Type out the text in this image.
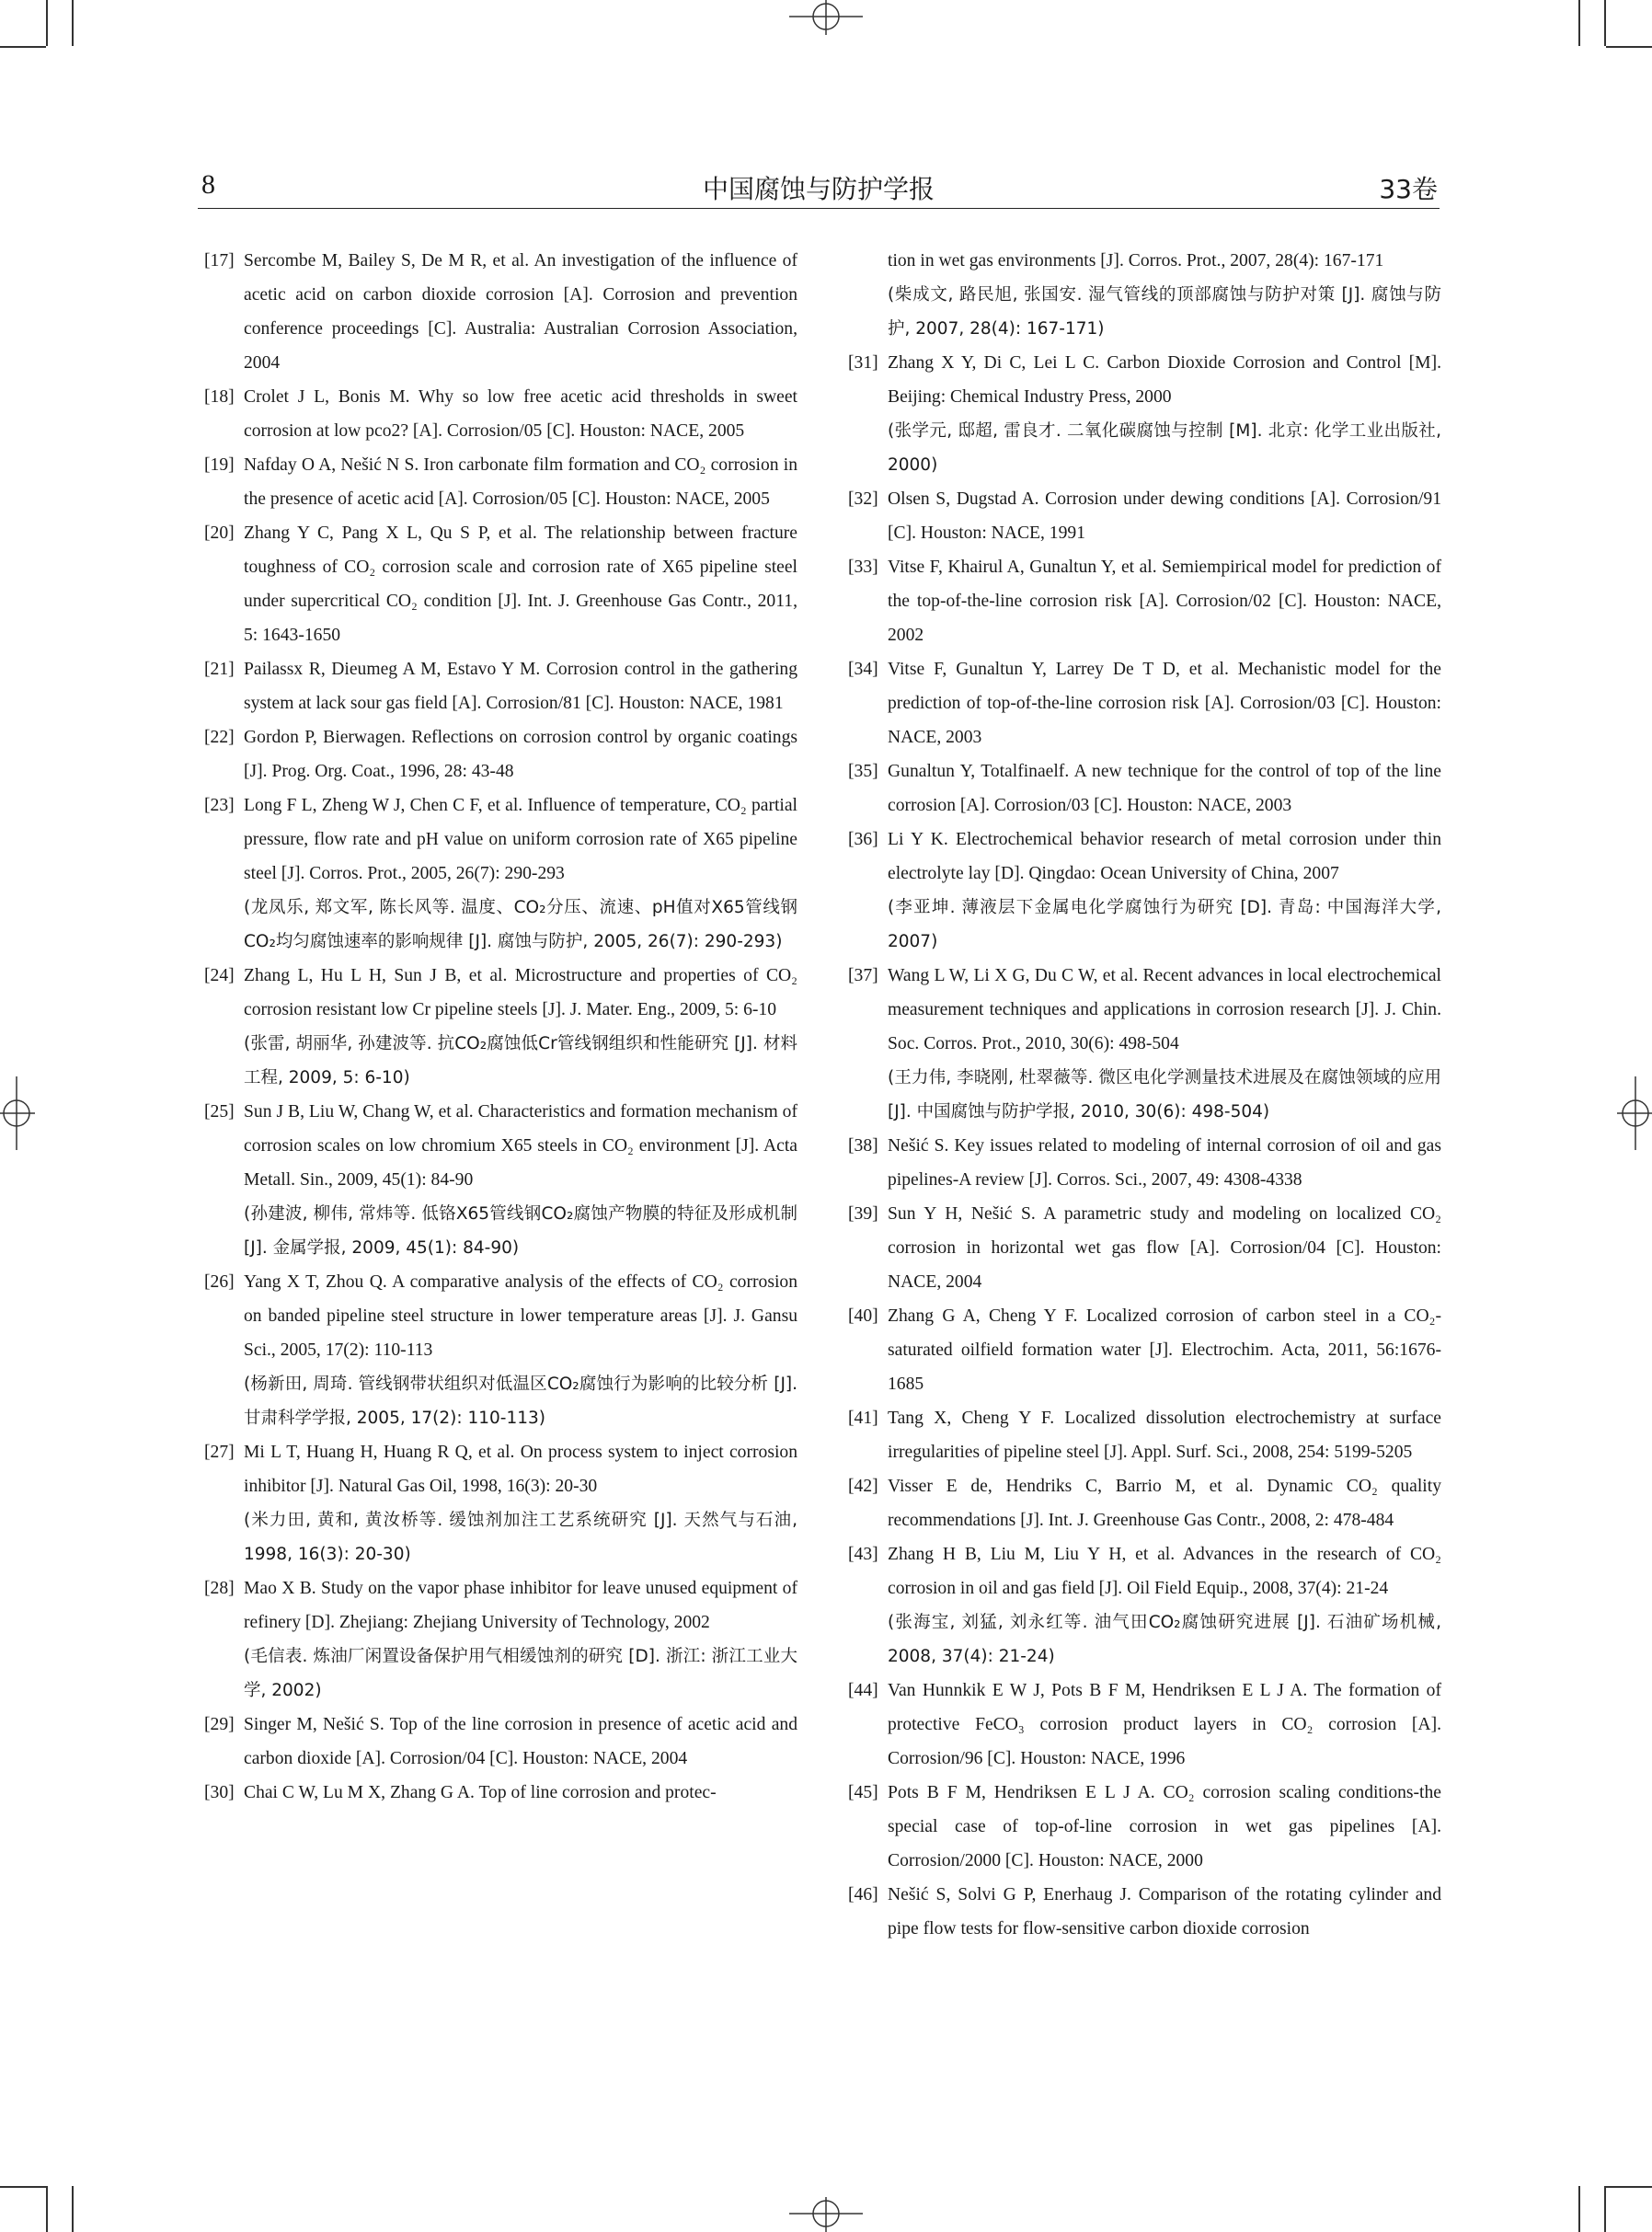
8	中国腐蚀与防护学报	33卷
[17] Sercombe M, Bailey S, De M R, et al. An investigation of the influence of acetic acid on carbon dioxide corrosion [A]. Corrosion and prevention conference proceedings [C]. Australia: Australian Corrosion Association, 2004
[18] Crolet J L, Bonis M. Why so low free acetic acid thresholds in sweet corrosion at low pco2? [A]. Corrosion/05 [C]. Houston: NACE, 2005
[19] Nafday O A, Nešić N S. Iron carbonate film formation and CO₂ corrosion in the presence of acetic acid [A]. Corrosion/05 [C]. Houston: NACE, 2005
[20] Zhang Y C, Pang X L, Qu S P, et al. The relationship between fracture toughness of CO₂ corrosion scale and corrosion rate of X65 pipeline steel under supercritical CO₂ condition [J]. Int. J. Greenhouse Gas Contr., 2011, 5: 1643-1650
[21] Pailassx R, Dieumeg A M, Estavo Y M. Corrosion control in the gathering system at lack sour gas field [A]. Corrosion/81 [C]. Houston: NACE, 1981
[22] Gordon P, Bierwagen. Reflections on corrosion control by organic coatings [J]. Prog. Org. Coat., 1996, 28: 43-48
[23] Long F L, Zheng W J, Chen C F, et al. Influence of temperature, CO₂ partial pressure, flow rate and pH value on uniform corrosion rate of X65 pipeline steel [J]. Corros. Prot., 2005, 26(7): 290-293
(龙凤乐, 郑文军, 陈长风等. 温度、CO₂分压、流速、pH值对X65管线钢CO₂均匀腐蚀速率的影响规律 [J]. 腐蚀与防护, 2005, 26(7): 290-293)
[24] Zhang L, Hu L H, Sun J B, et al. Microstructure and properties of CO₂ corrosion resistant low Cr pipeline steels [J]. J. Mater. Eng., 2009, 5: 6-10
(张雷, 胡丽华, 孙建波等. 抗CO₂腐蚀低Cr管线钢组织和性能研究 [J]. 材料工程, 2009, 5: 6-10)
[25] Sun J B, Liu W, Chang W, et al. Characteristics and formation mechanism of corrosion scales on low chromium X65 steels in CO₂ environment [J]. Acta Metall. Sin., 2009, 45(1): 84-90
(孙建波, 柳伟, 常炜等. 低铬X65管线钢CO₂腐蚀产物膜的特征及形成机制 [J]. 金属学报, 2009, 45(1): 84-90)
[26] Yang X T, Zhou Q. A comparative analysis of the effects of CO₂ corrosion on banded pipeline steel structure in lower temperature areas [J]. J. Gansu Sci., 2005, 17(2): 110-113
(杨新田, 周琦. 管线钢带状组织对低温区CO₂腐蚀行为影响的比较分析 [J]. 甘肃科学学报, 2005, 17(2): 110-113)
[27] Mi L T, Huang H, Huang R Q, et al. On process system to inject corrosion inhibitor [J]. Natural Gas Oil, 1998, 16(3): 20-30
(米力田, 黄和, 黄汝桥等. 缓蚀剂加注工艺系统研究 [J]. 天然气与石油, 1998, 16(3): 20-30)
[28] Mao X B. Study on the vapor phase inhibitor for leave unused equipment of refinery [D]. Zhejiang: Zhejiang University of Technology, 2002
(毛信表. 炼油厂闲置设备保护用气相缓蚀剂的研究 [D]. 浙江: 浙江工业大学, 2002)
[29] Singer M, Nešić S. Top of the line corrosion in presence of acetic acid and carbon dioxide [A]. Corrosion/04 [C]. Houston: NACE, 2004
[30] Chai C W, Lu M X, Zhang G A. Top of line corrosion and protec-
tion in wet gas environments [J]. Corros. Prot., 2007, 28(4): 167-171
(柴成文, 路民旭, 张国安. 湿气管线的顶部腐蚀与防护对策 [J]. 腐蚀与防护, 2007, 28(4): 167-171)
[31] Zhang X Y, Di C, Lei L C. Carbon Dioxide Corrosion and Control [M]. Beijing: Chemical Industry Press, 2000
(张学元, 邸超, 雷良才. 二氧化碳腐蚀与控制 [M]. 北京: 化学工业出版社, 2000)
[32] Olsen S, Dugstad A. Corrosion under dewing conditions [A]. Corrosion/91 [C]. Houston: NACE, 1991
[33] Vitse F, Khairul A, Gunaltun Y, et al. Semiempirical model for prediction of the top-of-the-line corrosion risk [A]. Corrosion/02 [C]. Houston: NACE, 2002
[34] Vitse F, Gunaltun Y, Larrey De T D, et al. Mechanistic model for the prediction of top-of-the-line corrosion risk [A]. Corrosion/03 [C]. Houston: NACE, 2003
[35] Gunaltun Y, Totalfinaelf. A new technique for the control of top of the line corrosion [A]. Corrosion/03 [C]. Houston: NACE, 2003
[36] Li Y K. Electrochemical behavior research of metal corrosion under thin electrolyte lay [D]. Qingdao: Ocean University of China, 2007
(李亚坤. 薄液层下金属电化学腐蚀行为研究 [D]. 青岛: 中国海洋大学, 2007)
[37] Wang L W, Li X G, Du C W, et al. Recent advances in local electrochemical measurement techniques and applications in corrosion research [J]. J. Chin. Soc. Corros. Prot., 2010, 30(6): 498-504
(王力伟, 李晓刚, 杜翠薇等. 微区电化学测量技术进展及在腐蚀领域的应用 [J]. 中国腐蚀与防护学报, 2010, 30(6): 498-504)
[38] Nešić S. Key issues related to modeling of internal corrosion of oil and gas pipelines-A review [J]. Corros. Sci., 2007, 49: 4308-4338
[39] Sun Y H, Nešić S. A parametric study and modeling on localized CO₂ corrosion in horizontal wet gas flow [A]. Corrosion/04 [C]. Houston: NACE, 2004
[40] Zhang G A, Cheng Y F. Localized corrosion of carbon steel in a CO₂-saturated oilfield formation water [J]. Electrochim. Acta, 2011, 56:1676-1685
[41] Tang X, Cheng Y F. Localized dissolution electrochemistry at surface irregularities of pipeline steel [J]. Appl. Surf. Sci., 2008, 254: 5199-5205
[42] Visser E de, Hendriks C, Barrio M, et al. Dynamic CO₂ quality recommendations [J]. Int. J. Greenhouse Gas Contr., 2008, 2: 478-484
[43] Zhang H B, Liu M, Liu Y H, et al. Advances in the research of CO₂ corrosion in oil and gas field [J]. Oil Field Equip., 2008, 37(4): 21-24
(张海宝, 刘猛, 刘永红等. 油气田CO₂腐蚀研究进展 [J]. 石油矿场机械, 2008, 37(4): 21-24)
[44] Van Hunnkik E W J, Pots B F M, Hendriksen E L J A. The formation of protective FeCO₃ corrosion product layers in CO₂ corrosion [A]. Corrosion/96 [C]. Houston: NACE, 1996
[45] Pots B F M, Hendriksen E L J A. CO₂ corrosion scaling conditions-the special case of top-of-line corrosion in wet gas pipelines [A]. Corrosion/2000 [C]. Houston: NACE, 2000
[46] Nešić S, Solvi G P, Enerhaug J. Comparison of the rotating cylinder and pipe flow tests for flow-sensitive carbon dioxide corrosion
